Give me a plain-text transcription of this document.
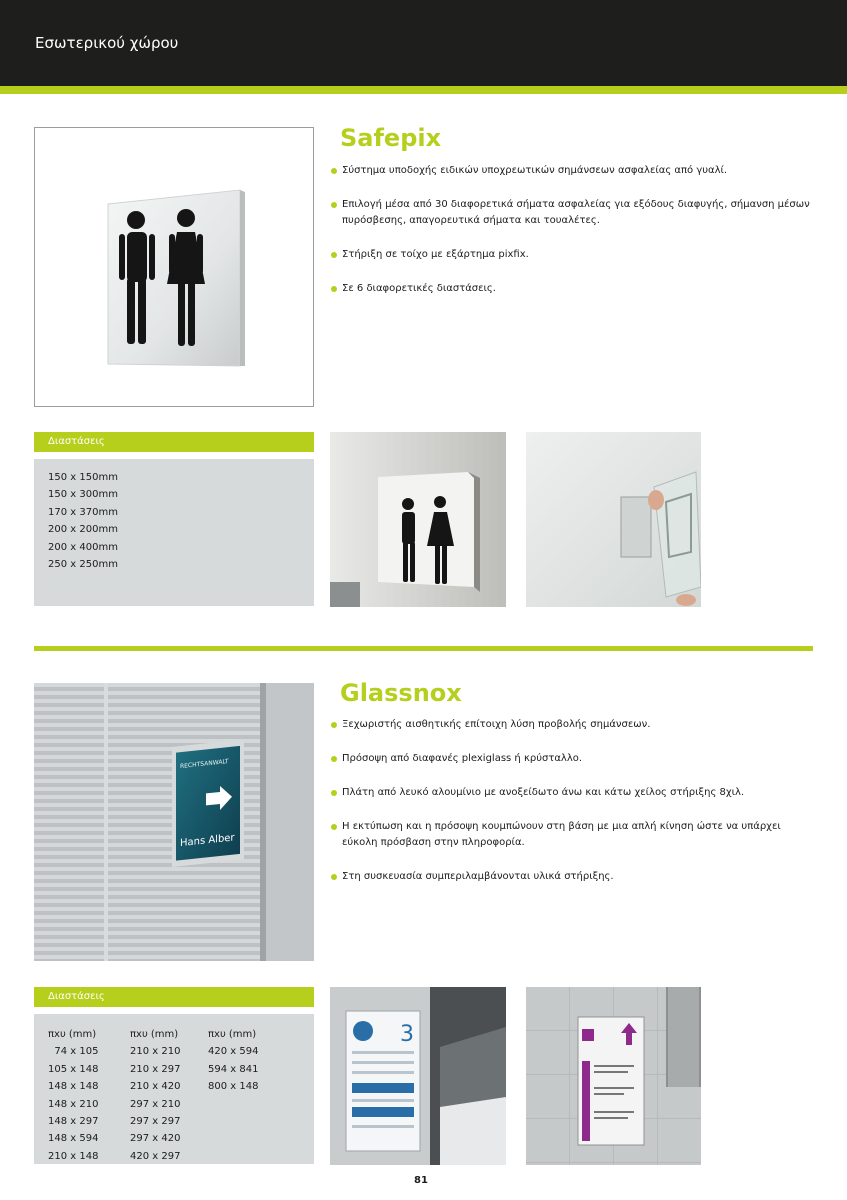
Εσωτερικού χώρου
Safepix
Σύστημα υποδοχής ειδικών υποχρεωτικών σημάνσεων ασφαλείας από γυαλί.
Επιλογή μέσα από 30 διαφορετικά σήματα ασφαλείας για εξόδους διαφυγής, σήμανση μέσων πυρόσβεσης, απαγορευτικά σήματα και τουαλέτες.
Στήριξη σε τοίχο με εξάρτημα pixfix.
Σε 6 διαφορετικές διαστάσεις.
Διαστάσεις
150 x 150mm
150 x 300mm
170 x 370mm
200 x 200mm
200 x 400mm
250 x 250mm
RECHTSANWALT
Hans Alber
Glassnox
Ξεχωριστής αισθητικής επίτοιχη λύση προβολής σημάνσεων.
Πρόσοψη από διαφανές plexiglass ή κρύσταλλο.
Πλάτη από λευκό αλουμίνιο με ανοξείδωτο άνω και κάτω χείλος στήριξης 8χιλ.
Η εκτύπωση και η πρόσοψη κουμπώνουν στη βάση με μια απλή κίνηση ώστε να υπάρχει εύκολη πρόσβαση στην πληροφορία.
Στη συσκευασία συμπεριλαμβάνονται υλικά στήριξης.
Διαστάσεις
πxυ (mm)
74 x 105
105 x 148
148 x 148
148 x 210
148 x 297
148 x 594
210 x 148
πxυ (mm)
210 x 210
210 x 297
210 x 420
297 x 210
297 x 297
297 x 420
420 x 297
πxυ (mm)
420 x 594
594 x 841
800 x 148
3
81
